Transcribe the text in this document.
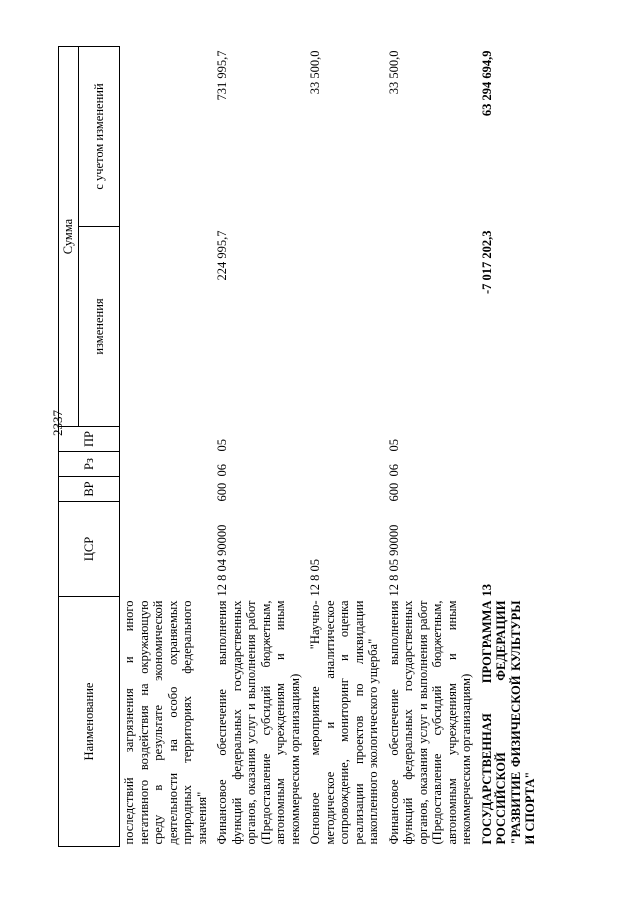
2337
Наименование	ЦСР	ВР	Рз	ПР	Сумма	
					изменения	с учетом изменений
последствий загрязнения и иного негативного воздействия на окружающую среду в результате экономической деятельности на особо охраняемых природных территориях федерального значения"						
Финансовое обеспечение выполнения функций федеральных государственных органов, оказания услуг и выполнения работ (Предоставление субсидий бюджетным, автономным учреждениям и иным некоммерческим организациям)	12 8 04 90000	600	06	05	224 995,7	731 995,7
Основное мероприятие "Научно-методическое и аналитическое сопровождение, мониторинг и оценка реализации проектов по ликвидации накопленного экологического ущерба"	12 8 05					33 500,0
Финансовое обеспечение выполнения функций федеральных государственных органов, оказания услуг и выполнения работ (Предоставление субсидий бюджетным, автономным учреждениям и иным некоммерческим организациям)	12 8 05 90000	600	06	05		33 500,0
ГОСУДАРСТВЕННАЯ ПРОГРАММА РОССИЙСКОЙ ФЕДЕРАЦИИ "РАЗВИТИЕ ФИЗИЧЕСКОЙ КУЛЬТУРЫ И СПОРТА"	13				-7 017 202,3	63 294 694,9
